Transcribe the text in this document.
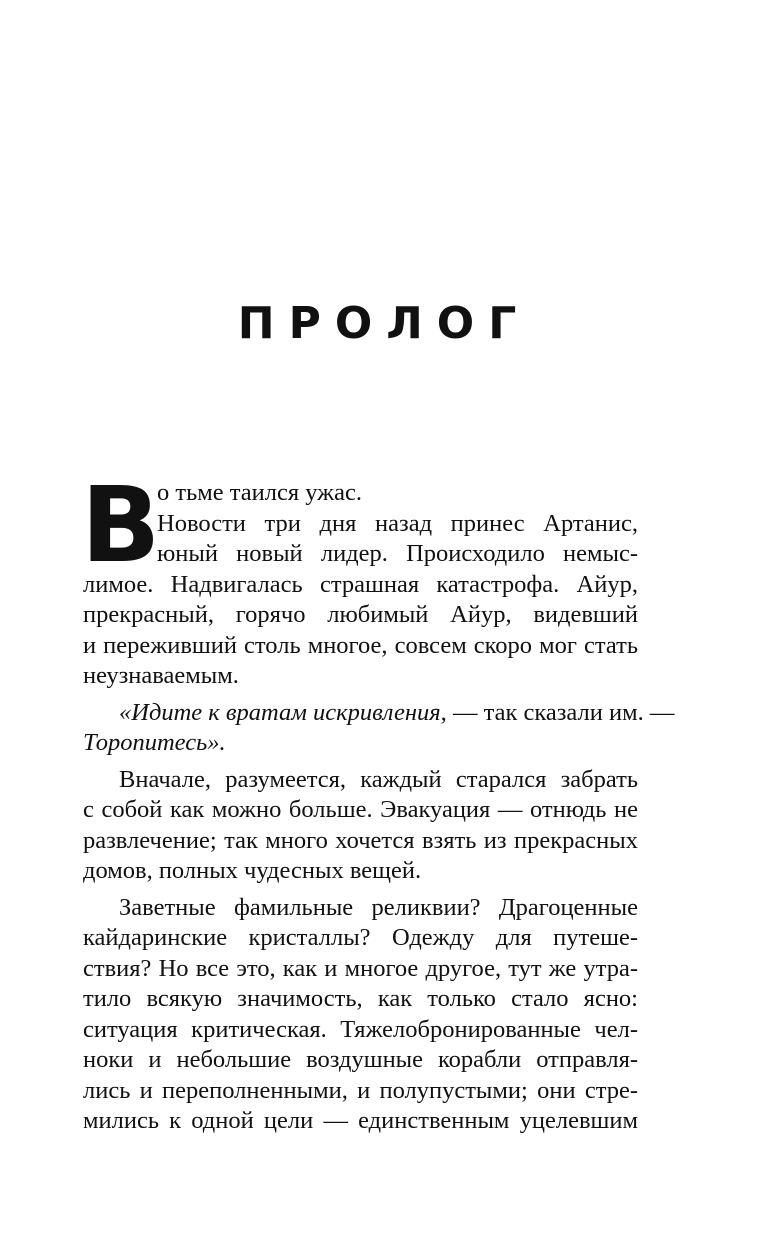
ПРОЛОГ
В
о тьме таился ужас.
Новости три дня назад принес Артанис,
юный новый лидер. Происходило немыс-
лимое. Надвигалась страшная катастрофа. Айур,
прекрасный, горячо любимый Айур, видевший
и переживший столь многое, совсем скоро мог стать
неузнаваемым.
«Идите к вратам искривления, — так сказали им. —
Торопитесь».
Вначале, разумеется, каждый старался забрать
с собой как можно больше. Эвакуация — отнюдь не
развлечение; так много хочется взять из прекрасных
домов, полных чудесных вещей.
Заветные фамильные реликвии? Драгоценные
кайдаринские кристаллы? Одежду для путеше-
ствия? Но все это, как и многое другое, тут же утра-
тило всякую значимость, как только стало ясно:
ситуация критическая. Тяжелобронированные чел-
ноки и небольшие воздушные корабли отправля-
лись и переполненными, и полупустыми; они стре-
мились к одной цели — единственным уцелевшим
